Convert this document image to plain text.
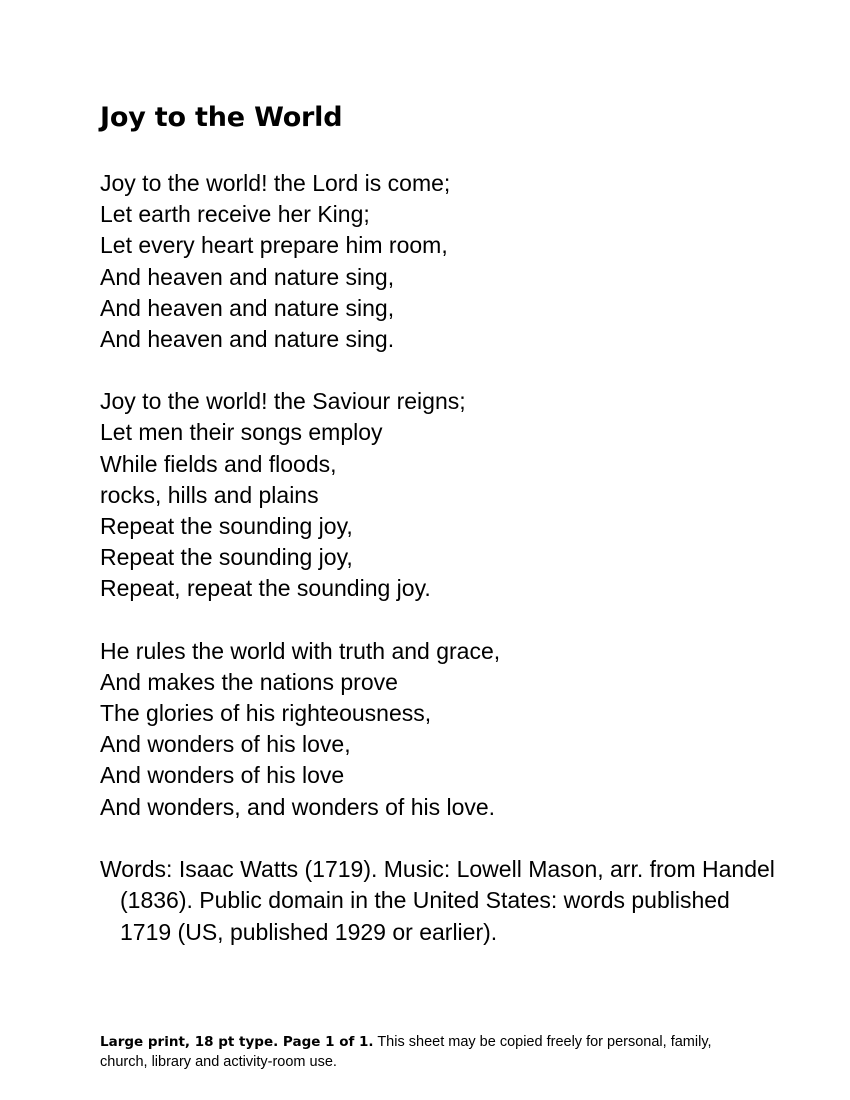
Joy to the World
Joy to the world! the Lord is come;
Let earth receive her King;
Let every heart prepare him room,
And heaven and nature sing,
And heaven and nature sing,
And heaven and nature sing.
Joy to the world! the Saviour reigns;
Let men their songs employ
While fields and floods,
rocks, hills and plains
Repeat the sounding joy,
Repeat the sounding joy,
Repeat, repeat the sounding joy.
He rules the world with truth and grace,
And makes the nations prove
The glories of his righteousness,
And wonders of his love,
And wonders of his love
And wonders, and wonders of his love.

Words: Isaac Watts (1719). Music: Lowell Mason, arr. from Handel (1836). Public domain in the United States: words published 1719 (US, published 1929 or earlier).

Large print, 18 pt type. Page 1 of 1. This sheet may be copied freely for personal, family, church, library and activity-room use.
